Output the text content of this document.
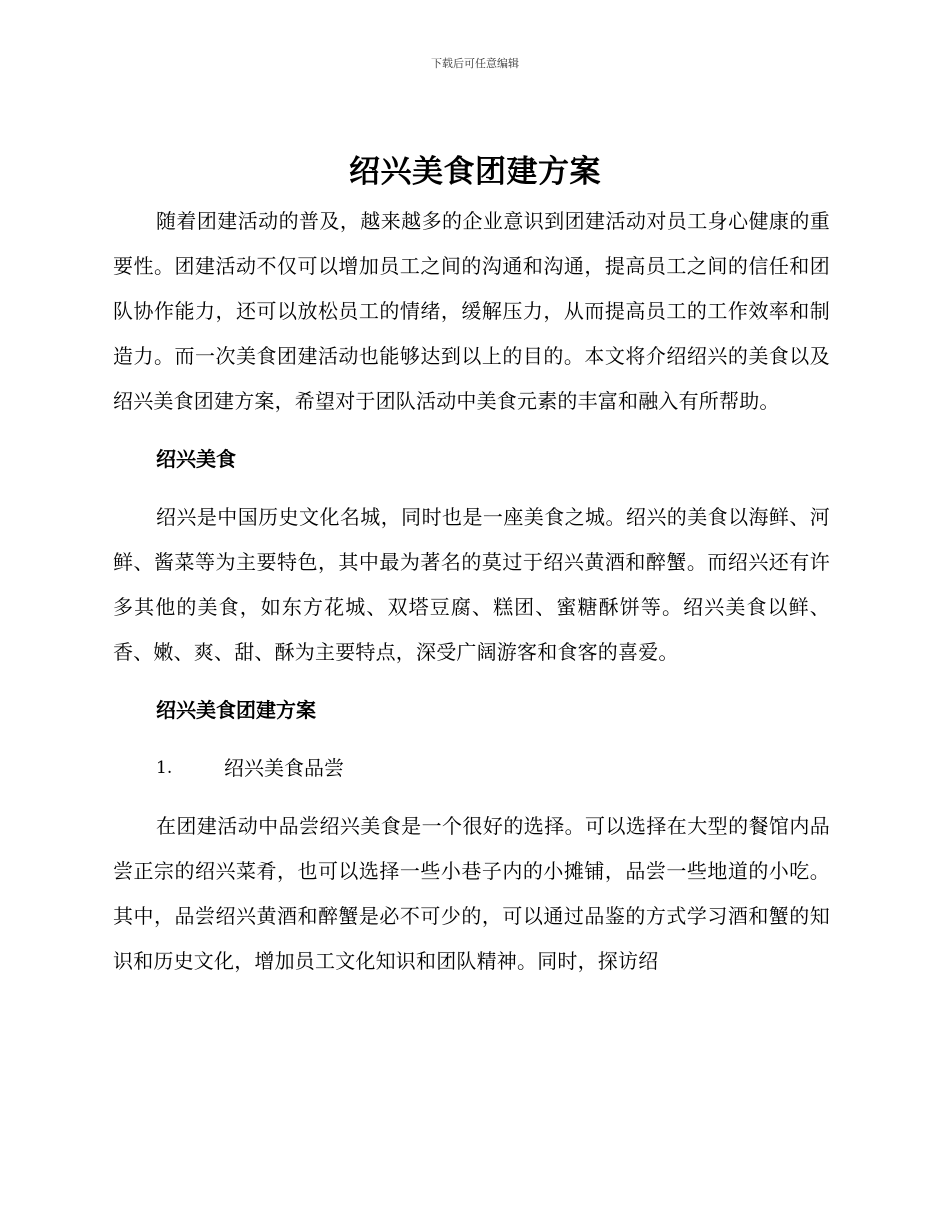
下载后可任意编辑
绍兴美食团建方案

随着团建活动的普及，越来越多的企业意识到团建活动对员工身心健康的重要性。团建活动不仅可以增加员工之间的沟通和沟通，提高员工之间的信任和团队协作能力，还可以放松员工的情绪，缓解压力，从而提高员工的工作效率和制造力。而一次美食团建活动也能够达到以上的目的。本文将介绍绍兴的美食以及绍兴美食团建方案，希望对于团队活动中美食元素的丰富和融入有所帮助。

绍兴美食

绍兴是中国历史文化名城，同时也是一座美食之城。绍兴的美食以海鲜、河鲜、酱菜等为主要特色，其中最为著名的莫过于绍兴黄酒和醉蟹。而绍兴还有许多其他的美食，如东方花城、双塔豆腐、糕团、蜜糖酥饼等。绍兴美食以鲜、香、嫩、爽、甜、酥为主要特点，深受广阔游客和食客的喜爱。

绍兴美食团建方案

1.	绍兴美食品尝

在团建活动中品尝绍兴美食是一个很好的选择。可以选择在大型的餐馆内品尝正宗的绍兴菜肴，也可以选择一些小巷子内的小摊铺，品尝一些地道的小吃。其中，品尝绍兴黄酒和醉蟹是必不可少的，可以通过品鉴的方式学习酒和蟹的知识和历史文化，增加员工文化知识和团队精神。同时，探访绍
